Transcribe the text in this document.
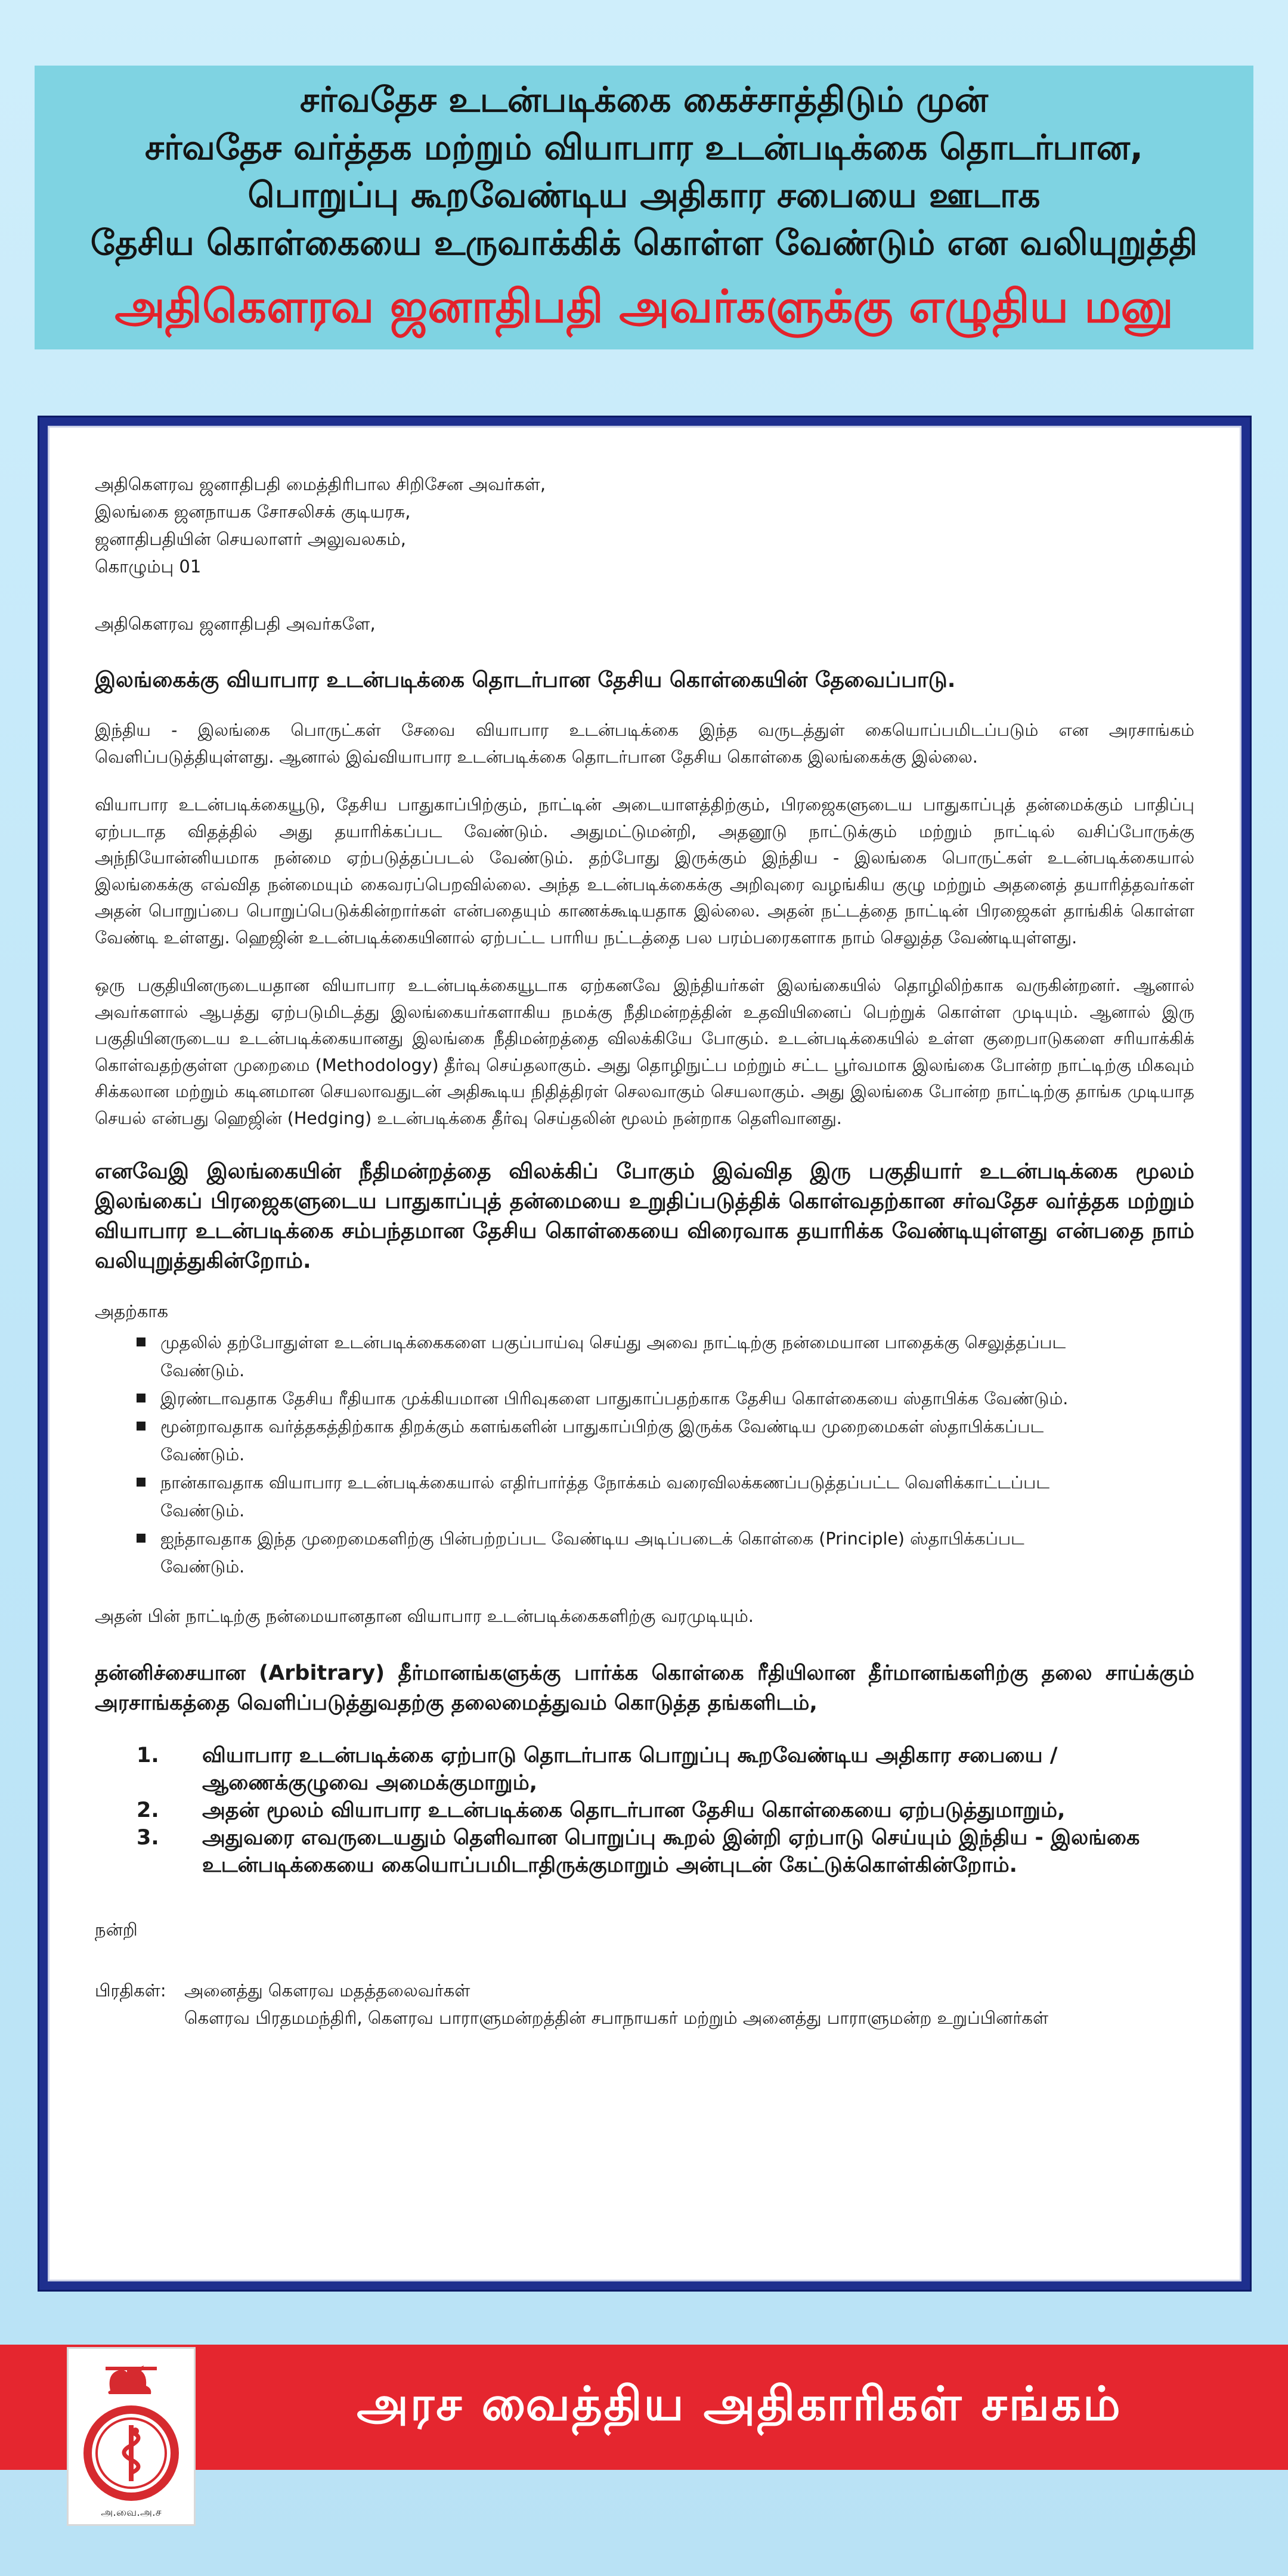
சர்வதேச உடன்படிக்கை கைச்சாத்திடும் முன்
சர்வதேச வர்த்தக மற்றும் வியாபார உடன்படிக்கை தொடர்பான,
பொறுப்பு கூறவேண்டிய அதிகார சபையை ஊடாக
தேசிய கொள்கையை உருவாக்கிக் கொள்ள வேண்டும் என வலியுறுத்தி
அதிகௌரவ ஜனாதிபதி அவர்களுக்கு எழுதிய மனு
அதிகௌரவ ஜனாதிபதி மைத்திரிபால சிறிசேன அவர்கள்,
இலங்கை ஜனநாயக சோசலிசக் குடியரசு,
ஜனாதிபதியின் செயலாளர் அலுவலகம்,
கொழும்பு 01
அதிகௌரவ ஜனாதிபதி அவர்களே,
இலங்கைக்கு வியாபார உடன்படிக்கை தொடர்பான தேசிய கொள்கையின் தேவைப்பாடு.

இந்திய - இலங்கை பொருட்கள் சேவை வியாபார உடன்படிக்கை இந்த வருடத்துள் கையொப்பமிடப்படும் என அரசாங்கம் வெளிப்படுத்தியுள்ளது. ஆனால் இவ்வியாபார உடன்படிக்கை தொடர்பான தேசிய கொள்கை இலங்கைக்கு இல்லை.

வியாபார உடன்படிக்கையூடு, தேசிய பாதுகாப்பிற்கும், நாட்டின் அடையாளத்திற்கும், பிரஜைகளுடைய பாதுகாப்புத் தன்மைக்கும் பாதிப்பு ஏற்படாத விதத்தில் அது தயாரிக்கப்பட வேண்டும். அதுமட்டுமன்றி, அதனூடு நாட்டுக்கும் மற்றும் நாட்டில் வசிப்போருக்கு அந்நியோன்னியமாக நன்மை ஏற்படுத்தப்படல் வேண்டும். தற்போது இருக்கும் இந்திய - இலங்கை பொருட்கள் உடன்படிக்கையால் இலங்கைக்கு எவ்வித நன்மையும் கைவரப்பெறவில்லை. அந்த உடன்படிக்கைக்கு அறிவுரை வழங்கிய குழு மற்றும் அதனைத் தயாரித்தவர்கள் அதன் பொறுப்பை பொறுப்பெடுக்கின்றார்கள் என்பதையும் காணக்கூடியதாக இல்லை. அதன் நட்டத்தை நாட்டின் பிரஜைகள் தாங்கிக் கொள்ள வேண்டி உள்ளது. ஹெஜின் உடன்படிக்கையினால் ஏற்பட்ட பாரிய நட்டத்தை பல பரம்பரைகளாக நாம் செலுத்த வேண்டியுள்ளது.

ஒரு பகுதியினருடையதான வியாபார உடன்படிக்கையூடாக ஏற்கனவே இந்தியர்கள் இலங்கையில் தொழிலிற்காக வருகின்றனர். ஆனால் அவர்களால் ஆபத்து ஏற்படுமிடத்து இலங்கையர்களாகிய நமக்கு நீதிமன்றத்தின் உதவியினைப் பெற்றுக் கொள்ள முடியும். ஆனால் இரு பகுதியினருடைய உடன்படிக்கையானது இலங்கை நீதிமன்றத்தை விலக்கியே போகும். உடன்படிக்கையில் உள்ள குறைபாடுகளை சரியாக்கிக் கொள்வதற்குள்ள முறைமை (Methodology) தீர்வு செய்தலாகும். அது தொழிநுட்ப மற்றும் சட்ட பூர்வமாக இலங்கை போன்ற நாட்டிற்கு மிகவும் சிக்கலான மற்றும் கடினமான செயலாவதுடன் அதிகூடிய நிதித்திரள் செலவாகும் செயலாகும். அது இலங்கை போன்ற நாட்டிற்கு தாங்க முடியாத செயல் என்பது ஹெஜின் (Hedging) உடன்படிக்கை தீர்வு செய்தலின் மூலம் நன்றாக தெளிவானது.

எனவேஇ இலங்கையின் நீதிமன்றத்தை விலக்கிப் போகும் இவ்வித இரு பகுதியார் உடன்படிக்கை மூலம் இலங்கைப் பிரஜைகளுடைய பாதுகாப்புத் தன்மையை உறுதிப்படுத்திக் கொள்வதற்கான சர்வதேச வர்த்தக மற்றும் வியாபார உடன்படிக்கை சம்பந்தமான தேசிய கொள்கையை விரைவாக தயாரிக்க வேண்டியுள்ளது என்பதை நாம் வலியுறுத்துகின்றோம்.

அதற்காக
முதலில் தற்போதுள்ள உடன்படிக்கைகளை பகுப்பாய்வு செய்து அவை நாட்டிற்கு நன்மையான பாதைக்கு செலுத்தப்பட வேண்டும்.
இரண்டாவதாக தேசிய ரீதியாக முக்கியமான பிரிவுகளை பாதுகாப்பதற்காக தேசிய கொள்கையை ஸ்தாபிக்க வேண்டும்.
மூன்றாவதாக வர்த்தகத்திற்காக திறக்கும் களங்களின் பாதுகாப்பிற்கு இருக்க வேண்டிய முறைமைகள் ஸ்தாபிக்கப்பட வேண்டும்.
நான்காவதாக வியாபார உடன்படிக்கையால் எதிர்பார்த்த நோக்கம் வரைவிலக்கணப்படுத்தப்பட்ட வெளிக்காட்டப்பட வேண்டும்.
ஐந்தாவதாக இந்த முறைமைகளிற்கு பின்பற்றப்பட வேண்டிய அடிப்படைக் கொள்கை (Principle) ஸ்தாபிக்கப்பட வேண்டும்.
அதன் பின் நாட்டிற்கு நன்மையானதான வியாபார உடன்படிக்கைகளிற்கு வரமுடியும்.

தன்னிச்சையான (Arbitrary) தீர்மானங்களுக்கு பார்க்க கொள்கை ரீதியிலான தீர்மானங்களிற்கு தலை சாய்க்கும் அரசாங்கத்தை வெளிப்படுத்துவதற்கு தலைமைத்துவம் கொடுத்த தங்களிடம்,

1.	வியாபார உடன்படிக்கை ஏற்பாடு தொடர்பாக பொறுப்பு கூறவேண்டிய அதிகார சபையை / ஆணைக்குழுவை அமைக்குமாறும்,
2.	அதன் மூலம் வியாபார உடன்படிக்கை தொடர்பான தேசிய கொள்கையை ஏற்படுத்துமாறும்,
3.	அதுவரை எவருடையதும் தெளிவான பொறுப்பு கூறல் இன்றி ஏற்பாடு செய்யும் இந்திய - இலங்கை உடன்படிக்கையை கையொப்பமிடாதிருக்குமாறும் அன்புடன் கேட்டுக்கொள்கின்றோம்.
நன்றி
பிரதிகள்:	அனைத்து கௌரவ மதத்தலைவர்கள்
கௌரவ பிரதமமந்திரி, கௌரவ பாராளுமன்றத்தின் சபாநாயகர் மற்றும் அனைத்து பாராளுமன்ற உறுப்பினர்கள்
அரச வைத்திய அதிகாரிகள் சங்கம்
அ.வை.அ.ச
